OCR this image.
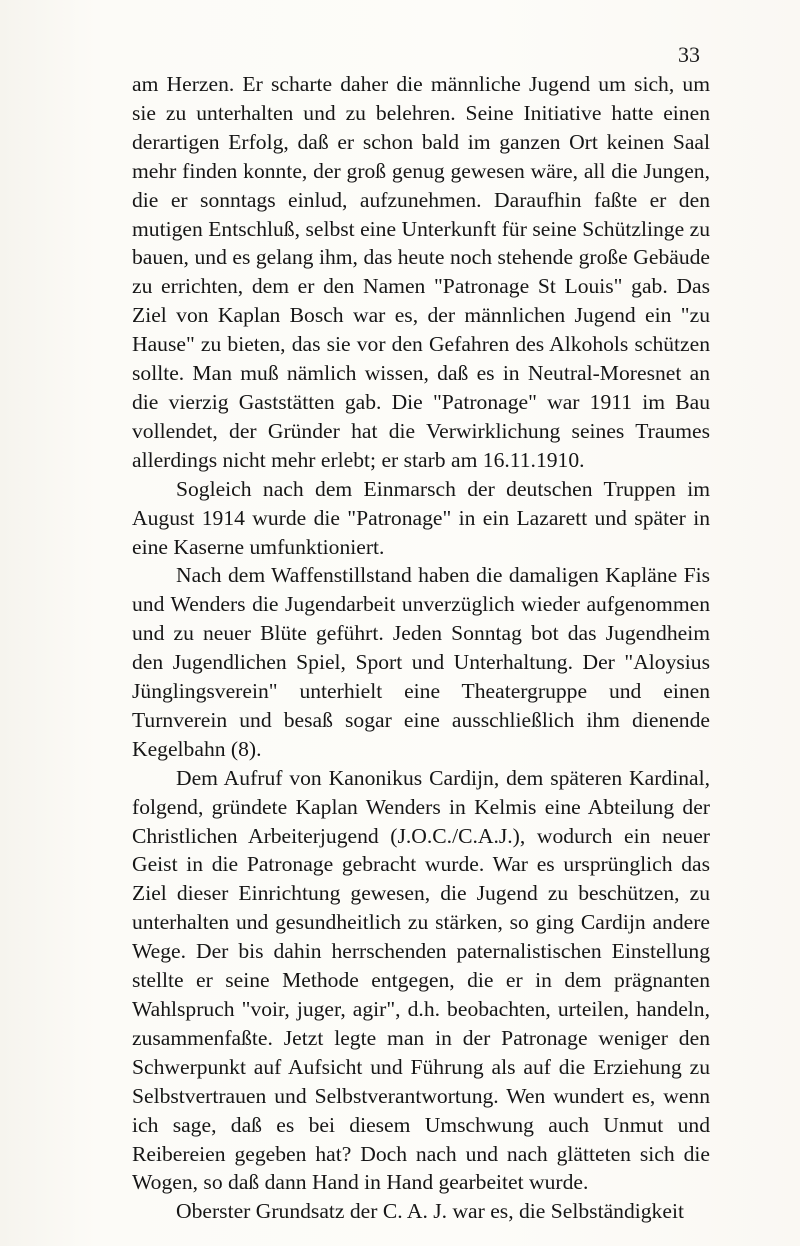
33

am Herzen. Er scharte daher die männliche Jugend um sich, um sie zu unterhalten und zu belehren. Seine Initiative hatte einen derartigen Erfolg, daß er schon bald im ganzen Ort keinen Saal mehr finden konnte, der groß genug gewesen wäre, all die Jungen, die er sonntags einlud, aufzunehmen. Daraufhin faßte er den mutigen Entschluß, selbst eine Unterkunft für seine Schützlinge zu bauen, und es gelang ihm, das heute noch stehende große Gebäude zu errichten, dem er den Namen "Patronage St Louis" gab. Das Ziel von Kaplan Bosch war es, der männlichen Jugend ein "zu Hause" zu bieten, das sie vor den Gefahren des Alkohols schützen sollte. Man muß nämlich wissen, daß es in Neutral-Moresnet an die vierzig Gaststätten gab. Die "Patronage" war 1911 im Bau vollendet, der Gründer hat die Verwirklichung seines Traumes allerdings nicht mehr erlebt; er starb am 16.11.1910.

Sogleich nach dem Einmarsch der deutschen Truppen im August 1914 wurde die "Patronage" in ein Lazarett und später in eine Kaserne umfunktioniert.

Nach dem Waffenstillstand haben die damaligen Kapläne Fis und Wenders die Jugendarbeit unverzüglich wieder aufgenommen und zu neuer Blüte geführt. Jeden Sonntag bot das Jugendheim den Jugendlichen Spiel, Sport und Unterhaltung. Der "Aloysius Jünglingsverein" unterhielt eine Theatergruppe und einen Turnverein und besaß sogar eine ausschließlich ihm dienende Kegelbahn (8).

Dem Aufruf von Kanonikus Cardijn, dem späteren Kardinal, folgend, gründete Kaplan Wenders in Kelmis eine Abteilung der Christlichen Arbeiterjugend (J.O.C./C.A.J.), wodurch ein neuer Geist in die Patronage gebracht wurde. War es ursprünglich das Ziel dieser Einrichtung gewesen, die Jugend zu beschützen, zu unterhalten und gesundheitlich zu stärken, so ging Cardijn andere Wege. Der bis dahin herrschenden paternalistischen Einstellung stellte er seine Methode entgegen, die er in dem prägnanten Wahlspruch "voir, juger, agir", d.h. beobachten, urteilen, handeln, zusammenfaßte. Jetzt legte man in der Patronage weniger den Schwerpunkt auf Aufsicht und Führung als auf die Erziehung zu Selbstvertrauen und Selbstverantwortung. Wen wundert es, wenn ich sage, daß es bei diesem Umschwung auch Unmut und Reibereien gegeben hat? Doch nach und nach glätteten sich die Wogen, so daß dann Hand in Hand gearbeitet wurde.

Oberster Grundsatz der C. A. J. war es, die Selbständigkeit
